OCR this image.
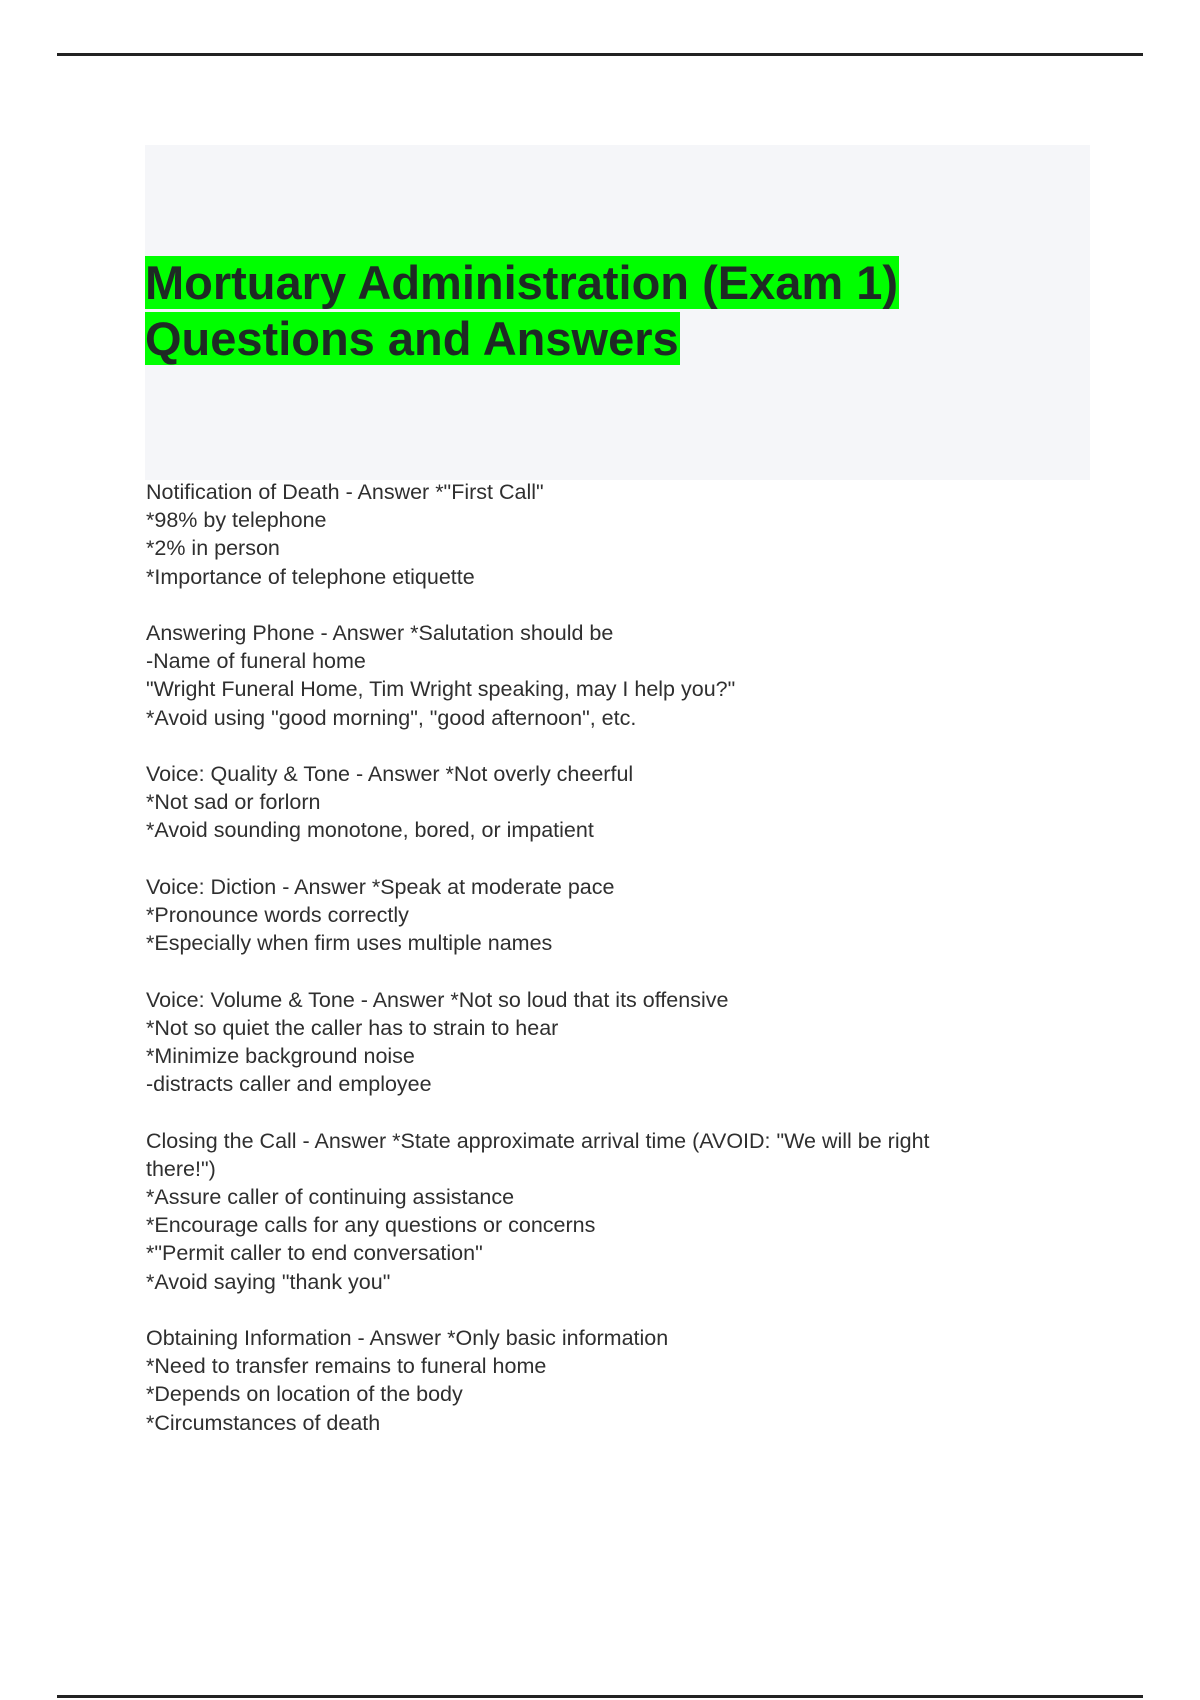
Mortuary Administration (Exam 1)
Questions and Answers
Notification of Death - Answer *"First Call"
*98% by telephone
*2% in person
*Importance of telephone etiquette
Answering Phone - Answer *Salutation should be
-Name of funeral home
"Wright Funeral Home, Tim Wright speaking, may I help you?"
*Avoid using "good morning", "good afternoon", etc.
Voice: Quality & Tone - Answer *Not overly cheerful
*Not sad or forlorn
*Avoid sounding monotone, bored, or impatient
Voice: Diction - Answer *Speak at moderate pace
*Pronounce words correctly
*Especially when firm uses multiple names
Voice: Volume & Tone - Answer *Not so loud that its offensive
*Not so quiet the caller has to strain to hear
*Minimize background noise
-distracts caller and employee
Closing the Call - Answer *State approximate arrival time (AVOID: "We will be right
there!")
*Assure caller of continuing assistance
*Encourage calls for any questions or concerns
*"Permit caller to end conversation"
*Avoid saying "thank you"
Obtaining Information - Answer *Only basic information
*Need to transfer remains to funeral home
*Depends on location of the body
*Circumstances of death
